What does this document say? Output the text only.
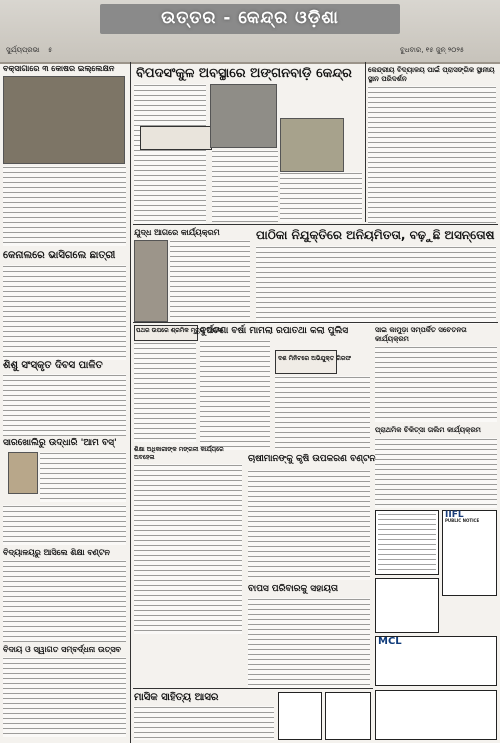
ଉତ୍ତର - କେନ୍ଦ୍ର ଓଡ଼ିଶା
ସୁର୍ଯ୍ୟପ୍ରଭା ୫	ବୁଧବାର, ୧୫ ଜୁନ୍ ୨୦୨୫
ବକ୍ସାଗାରେ ୩ କୋଷର ଇଲ୍ଲେକ୍ଷନ
କେନାଲରେ ଭାସିଗଲେ ଛାତ୍ରୀ
ଶିଶୁ ସଂସ୍କୃତ ଦିବସ ପାଳିତ
ସାରଖୋଲିରୁ ଉଦ୍ଧାରି 'ଆମ ବସ୍'
ବିଦ୍ୟାଳୟରୁ ଆସିଲେ ଶିକ୍ଷା ବଣ୍ଟନ
ବିଦାୟ ଓ ସ୍ୱାଗତ ସମ୍ବର୍ଦ୍ଧନା ଉତ୍ସବ
ବିପଦସଂକୁଳ ଅବସ୍ଥାରେ ଅଙ୍ଗନବାଡ଼ି କେନ୍ଦ୍ର	କେନ୍ଦ୍ରୀୟ ବିଦ୍ୟାଳୟ ପାଇଁ ପ୍ରାସଙ୍ଗିକ ସ୍ଥାନୀୟ ସ୍ଥାନ ପରିଦର୍ଶନ
ଯୁଦ୍ଧ ଆଗରେ କାର୍ଯ୍ୟକ୍ରମ	ପାଠିକା ନିଯୁକ୍ତିରେ ଅନିୟମିତତା, ବଢ଼ୁଛି ଅସନ୍ତୋଷ
ପଥର ଉପରେ ଶ୍ରମିକ ମୃତ୍ୟୁ ମାମଲା
ଦୁର୍ଘଟଣା ବର୍ଷା ମାମଲା ରପାତଥା କଲା ପୁଲିସ
ଦଶ ମିନିଟରେ ଅଭିଯୁକ୍ତ ଗିରଫ
ସାଇ କାମୁଡ଼ା ସମ୍ପର୍କିତ ସଚେତନତା କାର୍ଯ୍ୟକ୍ରମ
ପ୍ରାଥମିକ ଚିକିତ୍ସା ତାଲିମ କାର୍ଯ୍ୟକ୍ରମ
ଶିକ୍ଷା ଅଧିକାରୀଙ୍କ ମଙ୍ଗଳୀ କାର୍ଯ୍ୟରେ ଅବହେଳା	ଚାଷୀମାନଙ୍କୁ କୃଷି ଉପକରଣ ବଣ୍ଟନ
ବାପସ ପରିବାରକୁ ସହାୟତା
IIFL
PUBLIC NOTICE
MCL
ମାସିକ ସାହିତ୍ୟ ଆସର
